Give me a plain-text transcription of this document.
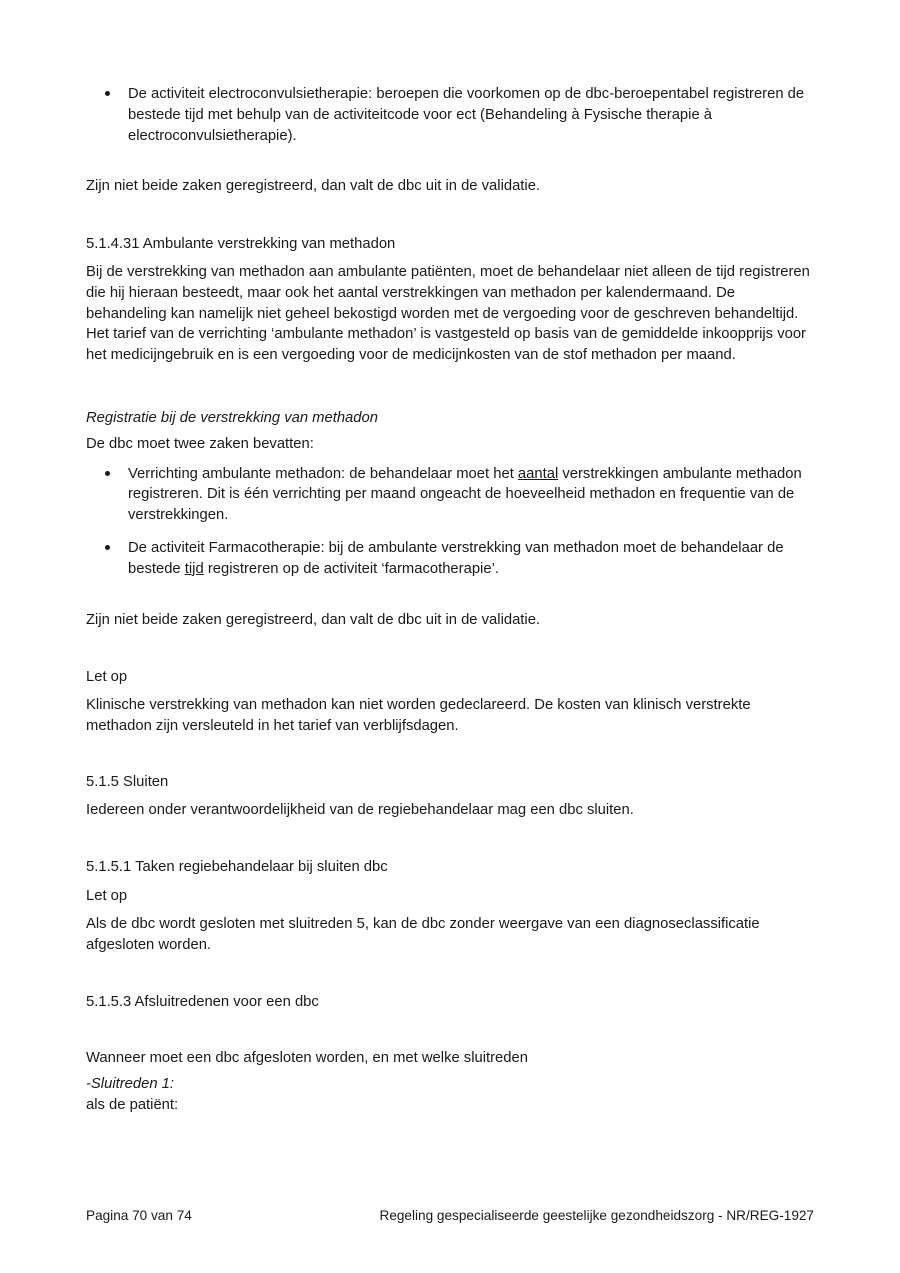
De activiteit electroconvulsietherapie: beroepen die voorkomen op de dbc-beroepentabel registreren de bestede tijd met behulp van de activiteitcode voor ect (Behandeling à Fysische therapie à electroconvulsietherapie).

Zijn niet beide zaken geregistreerd, dan valt de dbc uit in de validatie.

5.1.4.31 Ambulante verstrekking van methadon

Bij de verstrekking van methadon aan ambulante patiënten, moet de behandelaar niet alleen de tijd registreren die hij hieraan besteedt, maar ook het aantal verstrekkingen van methadon per kalendermaand. De behandeling kan namelijk niet geheel bekostigd worden met de vergoeding voor de geschreven behandeltijd. Het tarief van de verrichting ‘ambulante methadon’ is vastgesteld op basis van de gemiddelde inkoopprijs voor het medicijngebruik en is een vergoeding voor de medicijnkosten van de stof methadon per maand.

Registratie bij de verstrekking van methadon

De dbc moet twee zaken bevatten:

Verrichting ambulante methadon: de behandelaar moet het aantal verstrekkingen ambulante methadon registreren. Dit is één verrichting per maand ongeacht de hoeveelheid methadon en frequentie van de verstrekkingen.
De activiteit Farmacotherapie: bij de ambulante verstrekking van methadon moet de behandelaar de bestede tijd registreren op de activiteit ‘farmacotherapie’.

Zijn niet beide zaken geregistreerd, dan valt de dbc uit in de validatie.

Let op

Klinische verstrekking van methadon kan niet worden gedeclareerd. De kosten van klinisch verstrekte methadon zijn versleuteld in het tarief van verblijfsdagen.

5.1.5 Sluiten

Iedereen onder verantwoordelijkheid van de regiebehandelaar mag een dbc sluiten.

5.1.5.1 Taken regiebehandelaar bij sluiten dbc

Let op

Als de dbc wordt gesloten met sluitreden 5, kan de dbc zonder weergave van een diagnoseclassificatie afgesloten worden.

5.1.5.3 Afsluitredenen voor een dbc

Wanneer moet een dbc afgesloten worden, en met welke sluitreden

-Sluitreden 1:

als de patiënt:

Pagina 70 van 74	Regeling gespecialiseerde geestelijke gezondheidszorg - NR/REG-1927
